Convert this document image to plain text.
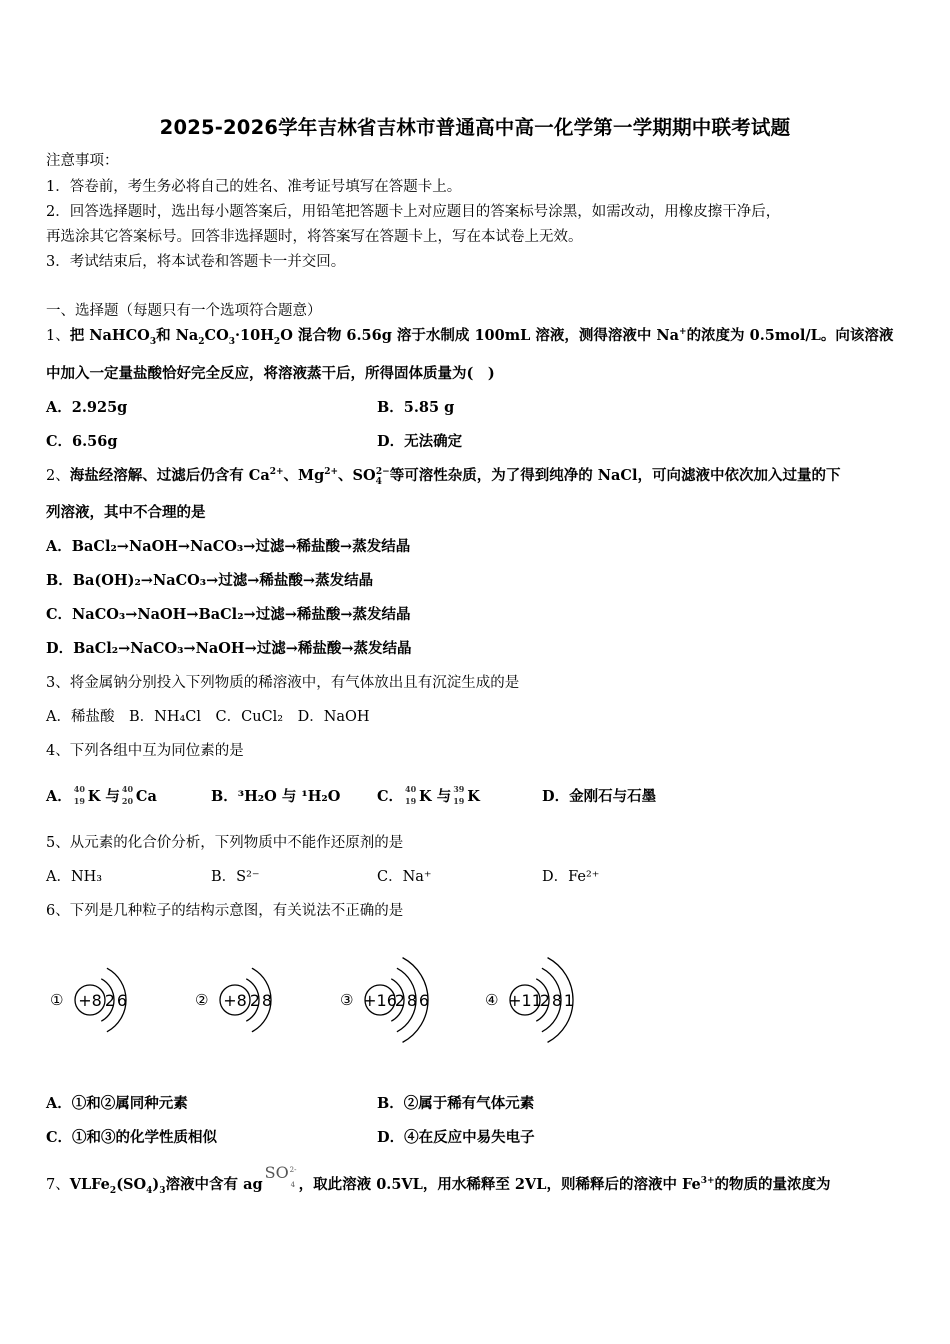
2025-2026学年吉林省吉林市普通高中高一化学第一学期期中联考试题
注意事项：
1．答卷前，考生务必将自己的姓名、准考证号填写在答题卡上。
2．回答选择题时，选出每小题答案后，用铅笔把答题卡上对应题目的答案标号涂黑，如需改动，用橡皮擦干净后，
再选涂其它答案标号。回答非选择题时，将答案写在答题卡上，写在本试卷上无效。
3．考试结束后，将本试卷和答题卡一并交回。
一、选择题（每题只有一个选项符合题意）
1、把 NaHCO$_3$和 $Na_2CO_3\cdot 10H_2O$ 混合物 6.56g 溶于水制成 100mL 溶液，测得溶液中 Na+的浓度为 0.5mol/L。向该溶液
中加入一定量盐酸恰好完全反应，将溶液蒸干后，所得固体质量为(　)
A．2.925g	B．5.85 g
C．6.56g	D．无法确定
2、海盐经溶解、过滤后仍含有 $Ca^{2+}$、$Mg^{2+}$、$SO_4^{2-}$等可溶性杂质，为了得到纯净的 NaCl，可向滤液中依次加入过量的下
列溶液，其中不合理的是
A．BaCl₂→NaOH→NaCO₃→过滤→稀盐酸→蒸发结晶
B．Ba(OH)₂→NaCO₃→过滤→稀盐酸→蒸发结晶
C．NaCO₃→NaOH→BaCl₂→过滤→稀盐酸→蒸发结晶
D．BaCl₂→NaCO₃→NaOH→过滤→稀盐酸→蒸发结晶
3、将金属钠分别投入下列物质的稀溶液中，有气体放出且有沉淀生成的是
A．稀盐酸　B．NH₄Cl　C．CuCl₂　D．NaOH
4、下列各组中互为同位素的是
A． 40
19 K 与 40
20 Ca	B．³H₂O 与 ¹H₂O	C． 40
19 K 与 39
19 K	D．金刚石与石墨
5、从元素的化合价分析，下列物质中不能作还原剂的是
A．NH₃	B．S²⁻	C．Na⁺	D．Fe²⁺
6、下列是几种粒子的结构示意图，有关说法不正确的是
① +8 2 6	② +8 2 8	③ +16
2 8 6	④ +11
2 8 1
A．①和②属同种元素	B．②属于稀有气体元素
C．①和③的化学性质相似	D．④在反应中易失电子
7、$VLFe_2(SO_4)_3$溶液中含有 ag
SO 2-
4 ，取此溶液 0.5VL，用水稀释至 2VL，则稀释后的溶液中 $Fe^{3+}$的物质的量浓度为
